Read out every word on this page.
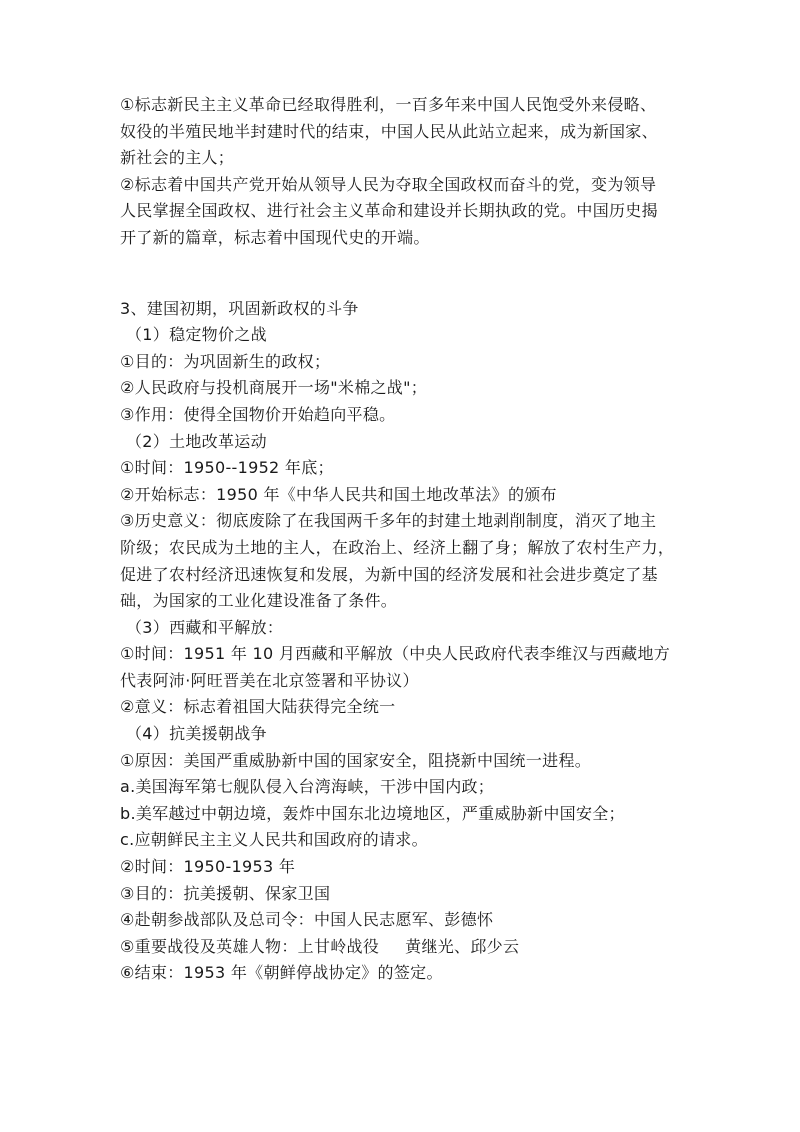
①标志新民主主义革命已经取得胜利，一百多年来中国人民饱受外来侵略、
奴役的半殖民地半封建时代的结束，中国人民从此站立起来，成为新国家、
新社会的主人；
②标志着中国共产党开始从领导人民为夺取全国政权而奋斗的党，变为领导
人民掌握全国政权、进行社会主义革命和建设并长期执政的党。中国历史揭
开了新的篇章，标志着中国现代史的开端。
3、建国初期，巩固新政权的斗争
（1）稳定物价之战
①目的：为巩固新生的政权；
②人民政府与投机商展开一场"米棉之战"；
③作用：使得全国物价开始趋向平稳。
（2）土地改革运动
①时间：1950--1952 年底；
②开始标志：1950 年《中华人民共和国土地改革法》的颁布
③历史意义：彻底废除了在我国两千多年的封建土地剥削制度，消灭了地主
阶级；农民成为土地的主人，在政治上、经济上翻了身；解放了农村生产力，
促进了农村经济迅速恢复和发展，为新中国的经济发展和社会进步奠定了基
础，为国家的工业化建设准备了条件。
（3）西藏和平解放：
①时间：1951 年 10 月西藏和平解放（中央人民政府代表李维汉与西藏地方
代表阿沛·阿旺晋美在北京签署和平协议）
②意义：标志着祖国大陆获得完全统一
（4）抗美援朝战争
①原因：美国严重威胁新中国的国家安全，阻挠新中国统一进程。
a.美国海军第七舰队侵入台湾海峡，干涉中国内政；
b.美军越过中朝边境，轰炸中国东北边境地区，严重威胁新中国安全；
c.应朝鲜民主主义人民共和国政府的请求。
②时间：1950-1953 年
③目的：抗美援朝、保家卫国
④赴朝参战部队及总司令：中国人民志愿军、彭德怀
⑤重要战役及英雄人物：上甘岭战役 黄继光、邱少云
⑥结束：1953 年《朝鲜停战协定》的签定。
